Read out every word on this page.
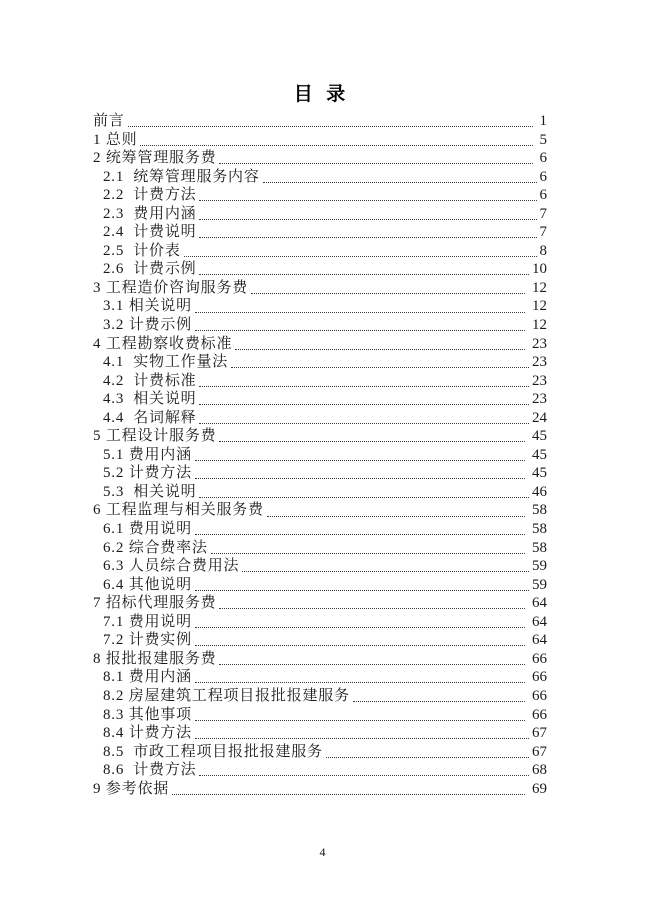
目  录
前言	1
1 总则	5
2 统筹管理服务费	6
2.1  统筹管理服务内容	6
2.2  计费方法	6
2.3  费用内涵	7
2.4  计费说明	7
2.5  计价表	8
2.6  计费示例	10
3 工程造价咨询服务费	12
3.1 相关说明	12
3.2 计费示例	12
4 工程勘察收费标准	23
4.1  实物工作量法	23
4.2  计费标准	23
4.3  相关说明	23
4.4  名词解释	24
5 工程设计服务费	45
5.1 费用内涵	45
5.2 计费方法	45
5.3  相关说明	46
6 工程监理与相关服务费	58
6.1 费用说明	58
6.2 综合费率法	58
6.3 人员综合费用法	59
6.4 其他说明	59
7 招标代理服务费	64
7.1 费用说明	64
7.2 计费实例	64
8 报批报建服务费	66
8.1 费用内涵	66
8.2 房屋建筑工程项目报批报建服务	66
8.3 其他事项	66
8.4 计费方法	67
8.5  市政工程项目报批报建服务	67
8.6  计费方法	68
9 参考依据	69
4
